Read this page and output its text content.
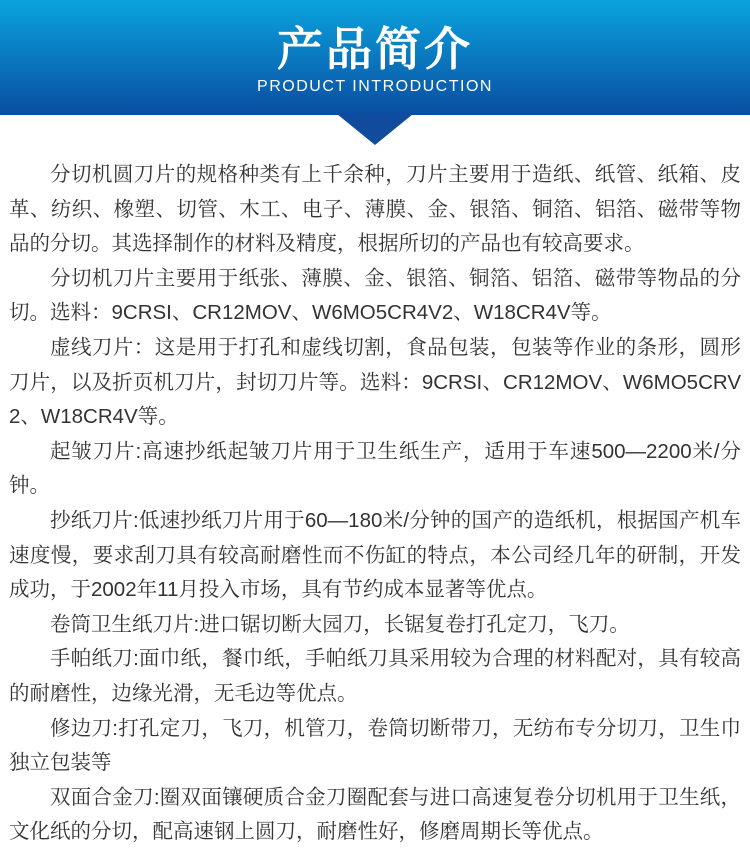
产品简介
PRODUCT INTRODUCTION

分切机圆刀片的规格种类有上千余种，刀片主要用于造纸、纸管、纸箱、皮革、纺织、橡塑、切管、木工、电子、薄膜、金、银箔、铜箔、铝箔、磁带等物品的分切。其选择制作的材料及精度，根据所切的产品也有较高要求。

分切机刀片主要用于纸张、薄膜、金、银箔、铜箔、铝箔、磁带等物品的分切。选料：9CRSI、CR12MOV、W6MO5CR4V2、W18CR4V等。

虚线刀片：这是用于打孔和虚线切割，食品包装，包装等作业的条形，圆形刀片，以及折页机刀片，封切刀片等。选料：9CRSI、CR12MOV、W6MO5CRV2、W18CR4V等。

起皱刀片:高速抄纸起皱刀片用于卫生纸生产，适用于车速500—2200米/分钟。

抄纸刀片:低速抄纸刀片用于60—180米/分钟的国产的造纸机，根据国产机车速度慢，要求刮刀具有较高耐磨性而不伤缸的特点，本公司经几年的研制，开发成功，于2002年11月投入市场，具有节约成本显著等优点。

卷筒卫生纸刀片:进口锯切断大园刀，长锯复卷打孔定刀，飞刀。

手帕纸刀:面巾纸，餐巾纸，手帕纸刀具采用较为合理的材料配对，具有较高的耐磨性，边缘光滑，无毛边等优点。

修边刀:打孔定刀，飞刀，机管刀，卷筒切断带刀，无纺布专分切刀，卫生巾独立包装等

双面合金刀:圈双面镶硬质合金刀圈配套与进口高速复卷分切机用于卫生纸，文化纸的分切，配高速钢上圆刀，耐磨性好，修磨周期长等优点。
